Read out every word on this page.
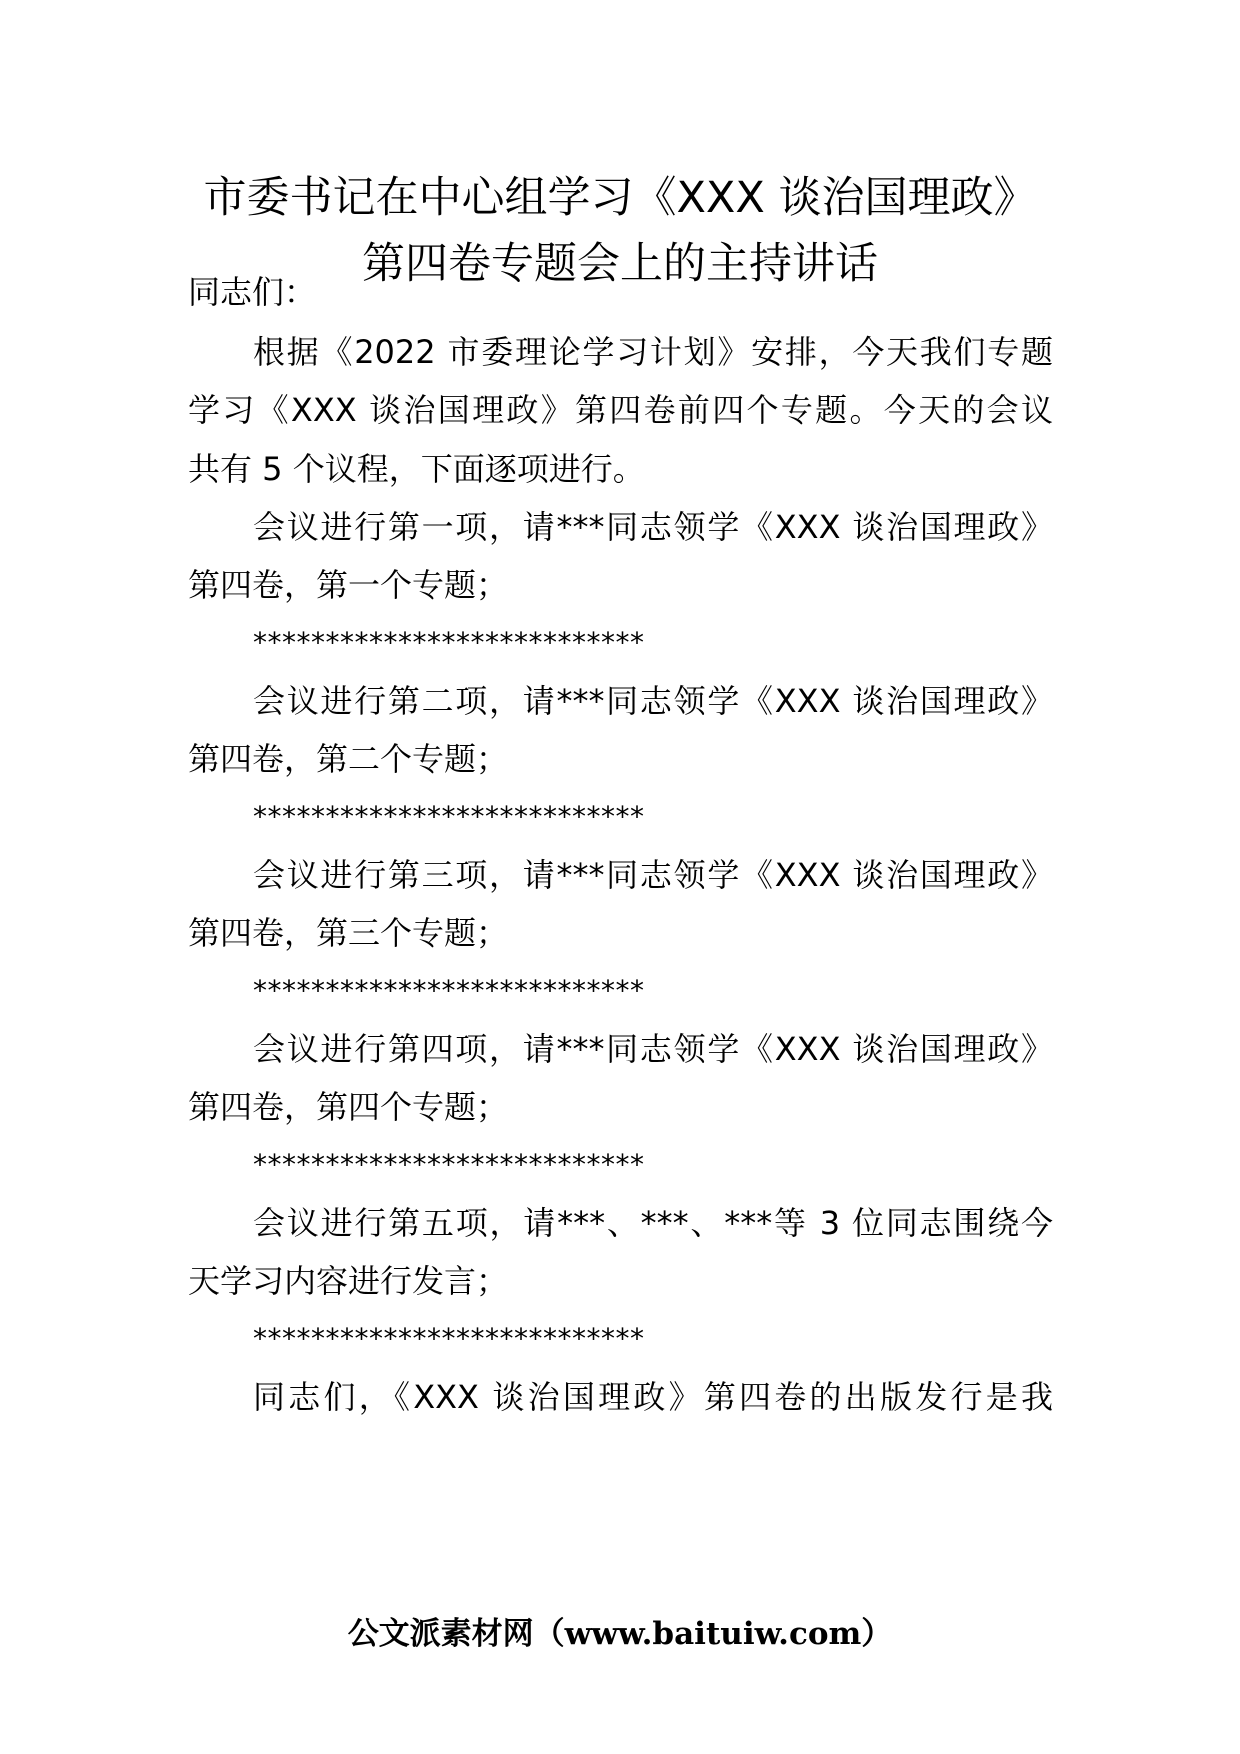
市委书记在中心组学习《XXX 谈治国理政》
第四卷专题会上的主持讲话
同志们：
根据《2022 市委理论学习计划》安排，今天我们专题
学习《XXX 谈治国理政》第四卷前四个专题。今天的会议
共有 5 个议程，下面逐项进行。
会议进行第一项，请***同志领学《XXX 谈治国理政》
第四卷，第一个专题；
***************************
会议进行第二项，请***同志领学《XXX 谈治国理政》
第四卷，第二个专题；
***************************
会议进行第三项，请***同志领学《XXX 谈治国理政》
第四卷，第三个专题；
***************************
会议进行第四项，请***同志领学《XXX 谈治国理政》
第四卷，第四个专题；
***************************
会议进行第五项，请***、***、***等 3 位同志围绕今
天学习内容进行发言；
***************************
同志们，《XXX 谈治国理政》第四卷的出版发行是我
公文派素材网（www.baituiw.com）
